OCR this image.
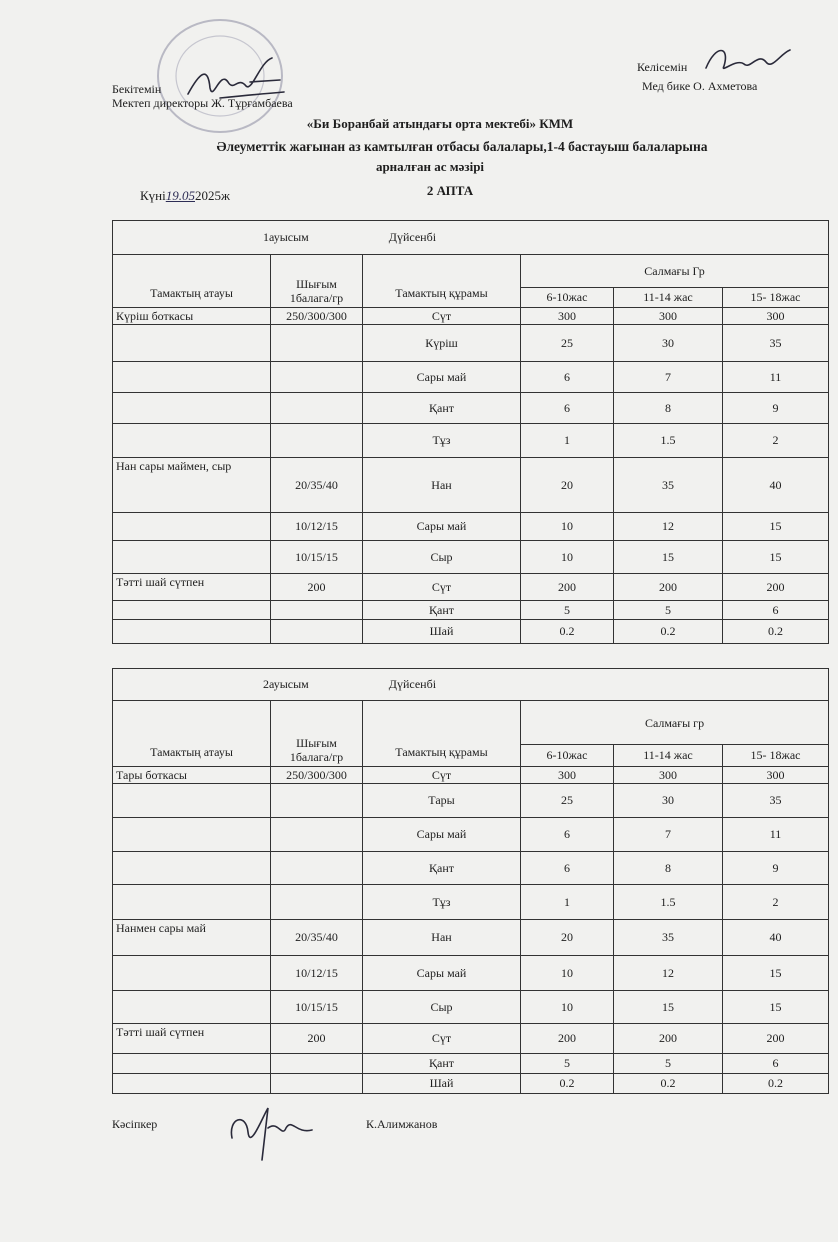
Бекітемін
Мектеп директоры Ж. Тұрғамбаева
Келісемін
Мед бике О. Ахметова
«Би Боранбай атындағы орта мектебі» КММ
Әлеуметтік жағынан аз камтылған отбасы балалары,1-4 бастауыш балаларына
арналған ас мәзірі
Күні19.052025ж	2 АПТА
1ауысым Дүйсенбі					
Тамактың атауы	Шығым 1балага/гр	Тамактың құрамы	Салмағы Гр		
			6-10жас	11-14 жас	15- 18жас
Күріш боткасы	250/300/300	Сүт	300	300	300
		Күріш	25	30	35
		Сары май	6	7	11
		Қант	6	8	9
		Тұз	1	1.5	2
Нан сары маймен, сыр	20/35/40	Нан	20	35	40
	10/12/15	Сары май	10	12	15
	10/15/15	Сыр	10	15	15
Тәтті шай сүтпен	200	Сүт	200	200	200
		Қант	5	5	6
		Шай	0.2	0.2	0.2
2ауысым Дүйсенбі					
Тамактың атауы	Шығым 1балага/гр	Тамактың құрамы	Салмағы гр		
			6-10жас	11-14 жас	15- 18жас
Тары боткасы	250/300/300	Сүт	300	300	300
		Тары	25	30	35
		Сары май	6	7	11
		Қант	6	8	9
		Тұз	1	1.5	2
Нанмен сары май	20/35/40	Нан	20	35	40
	10/12/15	Сары май	10	12	15
	10/15/15	Сыр	10	15	15
Тәтті шай сүтпен	200	Сүт	200	200	200
		Қант	5	5	6
		Шай	0.2	0.2	0.2
Кәсіпкер	К.Алимжанов
